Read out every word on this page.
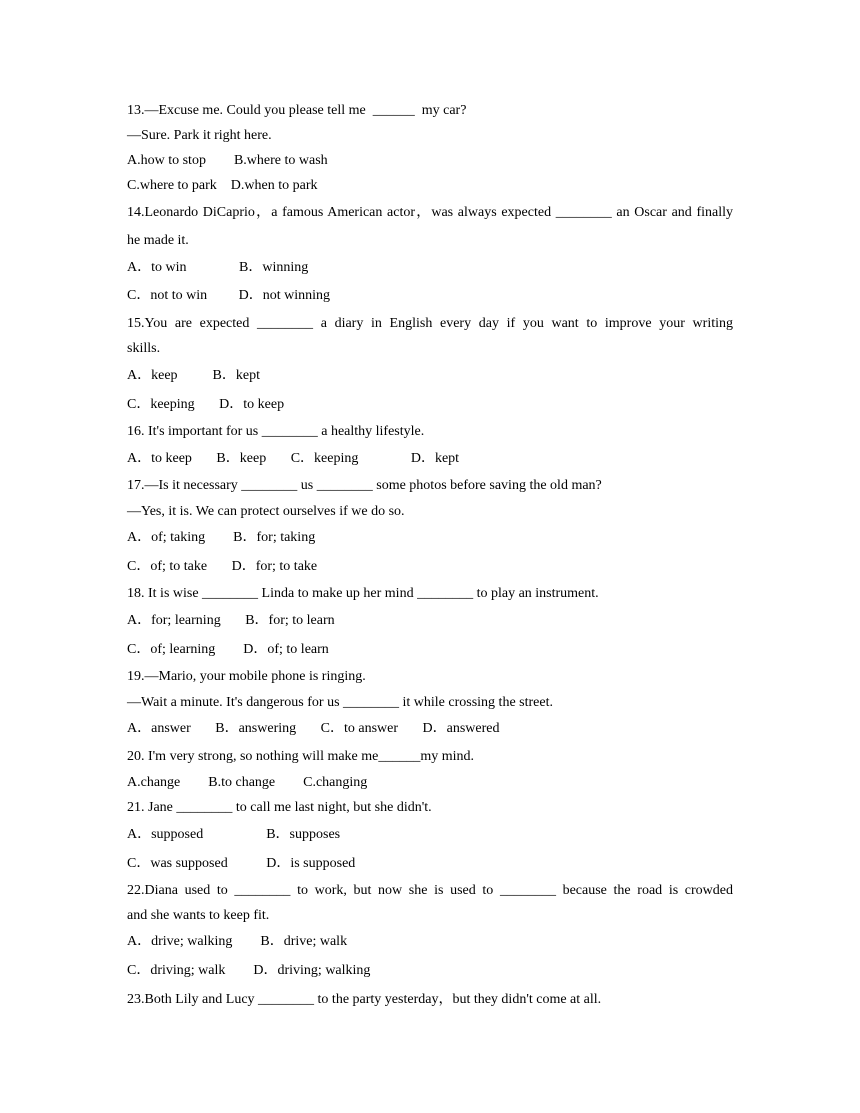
13.—Excuse me. Could you please tell me  ______  my car?
—Sure. Park it right here.
A.how to stop        B.where to wash
C.where to park    D.when to park
14.Leonardo DiCaprio，a famous American actor，was always expected ________ an Oscar and finally
he made it.
A．to win               B．winning
C．not to win         D．not winning
15.You are expected ________ a diary in English every day if you want to improve your writing
skills.
A．keep          B．kept
C．keeping       D．to keep
16. It's important for us ________ a healthy lifestyle.
A．to keep       B．keep       C．keeping               D．kept
17.—Is it necessary ________ us ________ some photos before saving the old man?
—Yes, it is. We can protect ourselves if we do so.
A．of; taking        B．for; taking
C．of; to take       D．for; to take
18. It is wise ________ Linda to make up her mind ________ to play an instrument.
A．for; learning       B．for; to learn
C．of; learning        D．of; to learn
19.—Mario, your mobile phone is ringing.
—Wait a minute. It's dangerous for us ________ it while crossing the street.
A．answer       B．answering       C．to answer       D．answered
20. I'm very strong, so nothing will make me______my mind.
A.change        B.to change        C.changing
21. Jane ________ to call me last night, but she didn't.
A．supposed                  B．supposes
C．was supposed           D．is supposed
22.Diana used to ________ to work, but now she is used to ________ because the road is crowded
and she wants to keep fit.
A．drive; walking        B．drive; walk
C．driving; walk        D．driving; walking
23.Both Lily and Lucy ________ to the party yesterday，but they didn't come at all.
